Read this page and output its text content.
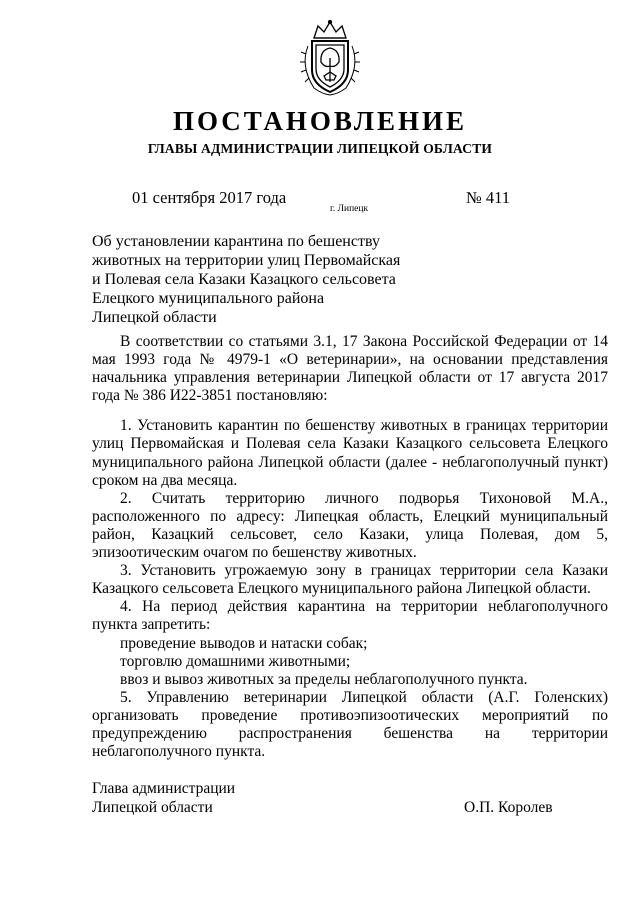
ПОСТАНОВЛЕНИЕ
ГЛАВЫ АДМИНИСТРАЦИИ ЛИПЕЦКОЙ ОБЛАСТИ
01 сентября 2017 года
г. Липецк
№ 411
Об установлении карантина по бешенству
животных на территории улиц Первомайская
и Полевая села Казаки Казацкого сельсовета
Елецкого муниципального района
Липецкой области
В соответствии со статьями 3.1, 17 Закона Российской Федерации от 14 мая 1993 года № 4979-1 «О ветеринарии», на основании представления начальника управления ветеринарии Липецкой области от 17 августа 2017 года № 386 И22-3851 постановляю:
1. Установить карантин по бешенству животных в границах территории улиц Первомайская и Полевая села Казаки Казацкого сельсовета Елецкого муниципального района Липецкой области (далее - неблагополучный пункт) сроком на два месяца.
2. Считать территорию личного подворья Тихоновой М.А., расположенного по адресу: Липецкая область, Елецкий муниципальный район, Казацкий сельсовет, село Казаки, улица Полевая, дом 5, эпизоотическим очагом по бешенству животных.
3. Установить угрожаемую зону в границах территории села Казаки Казацкого сельсовета Елецкого муниципального района Липецкой области.
4. На период действия карантина на территории неблагополучного пункта запретить:
проведение выводов и натаски собак;
торговлю домашними животными;
ввоз и вывоз животных за пределы неблагополучного пункта.
5. Управлению ветеринарии Липецкой области (А.Г. Голенских) организовать проведение противоэпизоотических мероприятий по предупреждению распространения бешенства на территории неблагополучного пункта.
Глава администрации
Липецкой области	О.П. Королев
